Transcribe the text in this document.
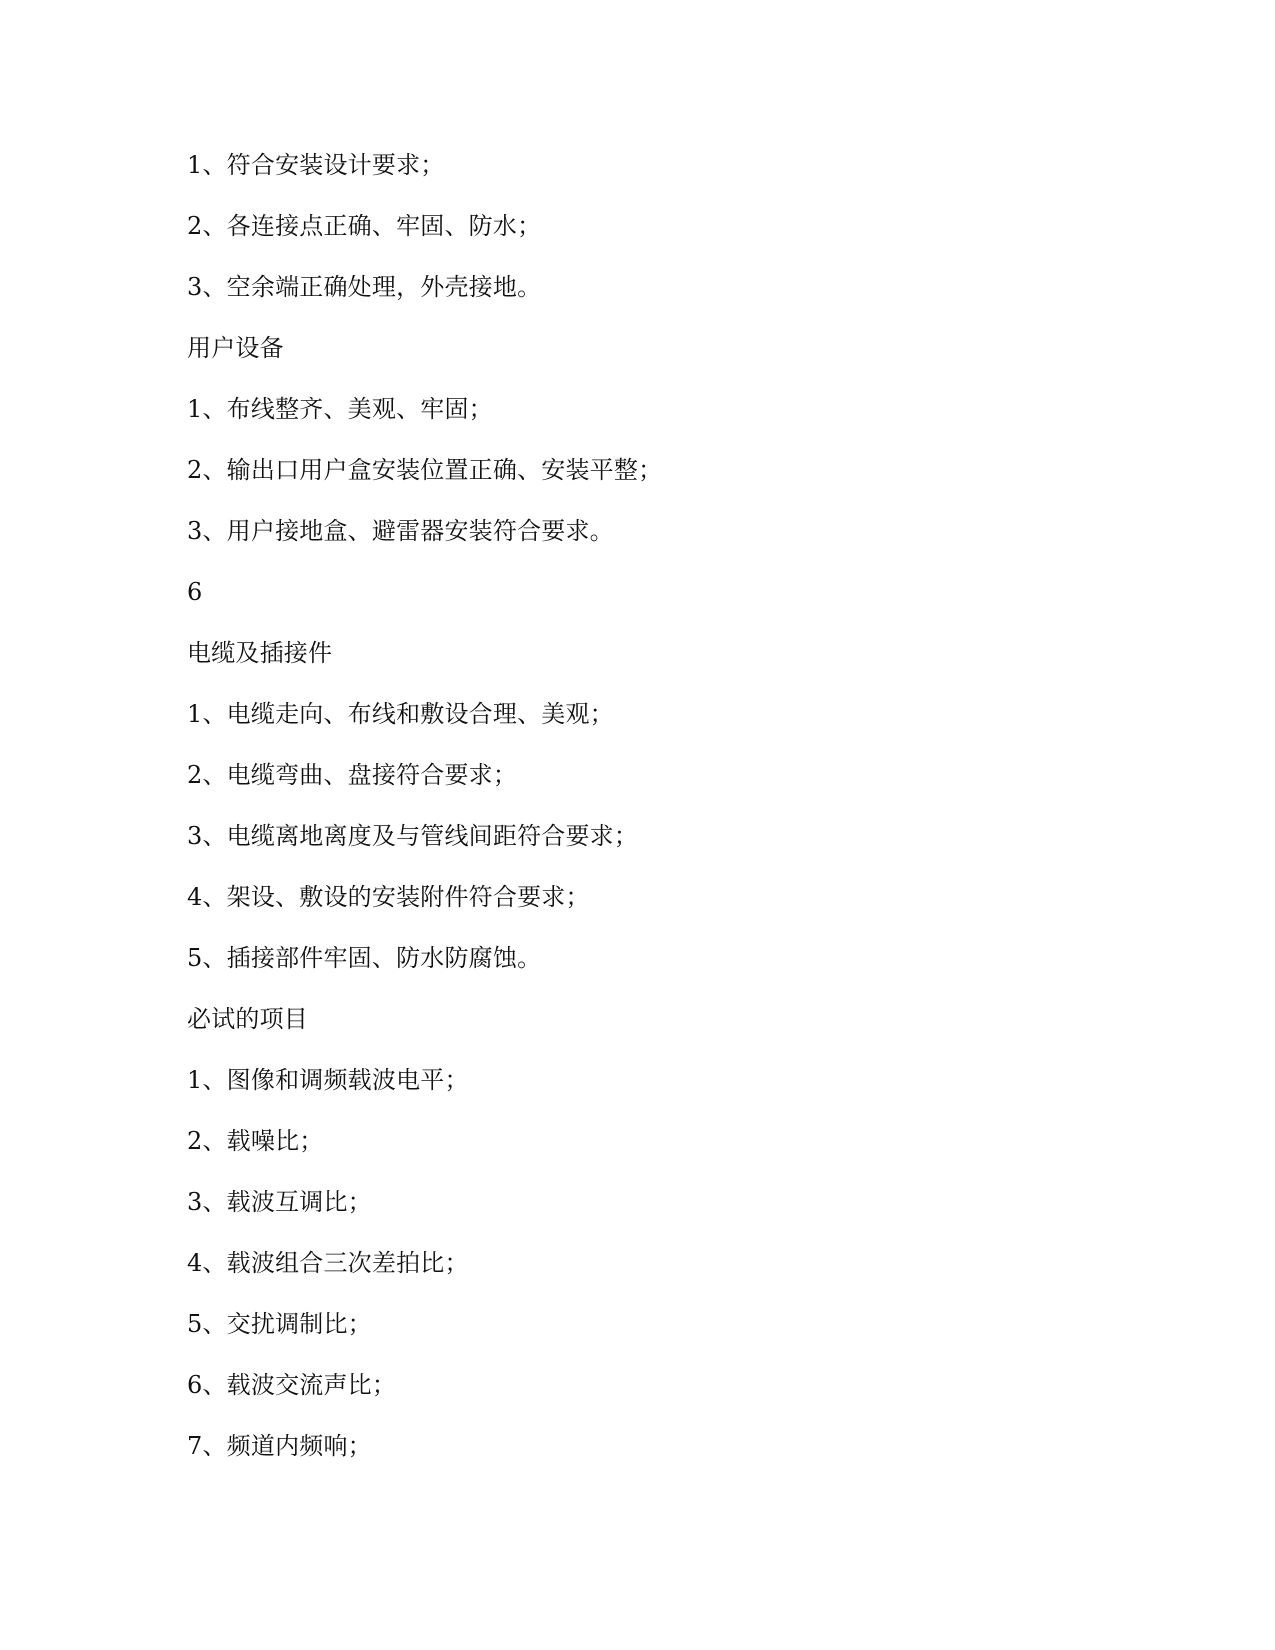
1、符合安装设计要求；
2、各连接点正确、牢固、防水；
3、空余端正确处理，外壳接地。
用户设备
1、布线整齐、美观、牢固；
2、输出口用户盒安装位置正确、安装平整；
3、用户接地盒、避雷器安装符合要求。
6
电缆及插接件
1、电缆走向、布线和敷设合理、美观；
2、电缆弯曲、盘接符合要求；
3、电缆离地离度及与管线间距符合要求；
4、架设、敷设的安装附件符合要求；
5、插接部件牢固、防水防腐蚀。
必试的项目
1、图像和调频载波电平；
2、载噪比；
3、载波互调比；
4、载波组合三次差拍比；
5、交扰调制比；
6、载波交流声比；
7、频道内频响；
